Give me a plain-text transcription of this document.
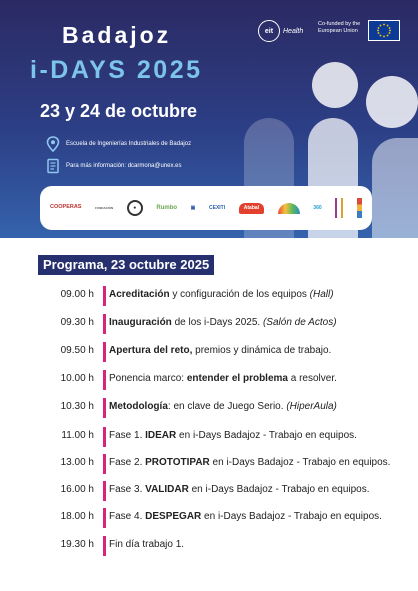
Badajoz
i-DAYS 2025
23 y 24 de octubre
Escuela de Ingenierías Industriales de Badajoz
Para más información: dcarmona@unex.es
eit	Health
Co-funded by the European Union
COOPERAS	FUNDACIÓN	●	Rumbo	▣	CEXITI	Atabal	360
Programa, 23 octubre 2025
09.00 h Acreditación y configuración de los equipos (Hall)
09.30 h Inauguración de los i-Days 2025. (Salón de Actos)
09.50 h Apertura del reto, premios y dinámica de trabajo.
10.00 h Ponencia marco: entender el problema a resolver.
10.30 h Metodología: en clave de Juego Serio. (HiperAula)
11.00 h Fase 1. IDEAR en i-Days Badajoz - Trabajo en equipos.
13.00 h Fase 2. PROTOTIPAR en i-Days Badajoz - Trabajo en equipos.
16.00 h Fase 3. VALIDAR en i-Days Badajoz - Trabajo en equipos.
18.00 h Fase 4. DESPEGAR en i-Days Badajoz - Trabajo en equipos.
19.30 h Fin día trabajo 1.
